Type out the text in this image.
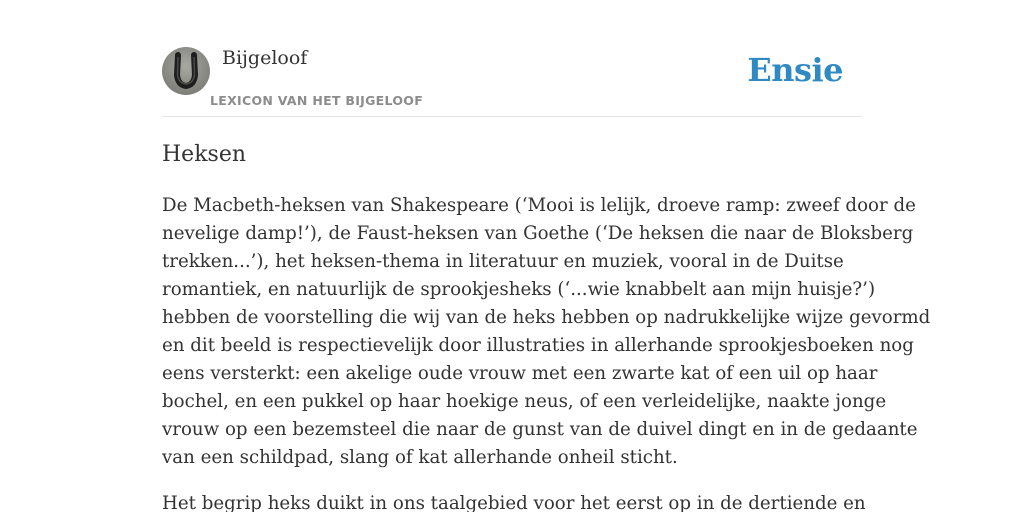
Bijgeloof
LEXICON VAN HET BIJGELOOF
Ensie
Heksen

De Macbeth-heksen van Shakespeare (‘Mooi is lelijk, droeve ramp: zweef door de
nevelige damp!’), de Faust-heksen van Goethe (‘De heksen die naar de Bloksberg
trekken...’), het heksen-thema in literatuur en muziek, vooral in de Duitse
romantiek, en natuurlijk de sprookjesheks (‘...wie knabbelt aan mijn huisje?’)
hebben de voorstelling die wij van de heks hebben op nadrukkelijke wijze gevormd
en dit beeld is respectievelijk door illustraties in allerhande sprookjesboeken nog
eens versterkt: een akelige oude vrouw met een zwarte kat of een uil op haar
bochel, en een pukkel op haar hoekige neus, of een verleidelijke, naakte jonge
vrouw op een bezemsteel die naar de gunst van de duivel dingt en in de gedaante
van een schildpad, slang of kat allerhande onheil sticht.

Het begrip heks duikt in ons taalgebied voor het eerst op in de dertiende en
